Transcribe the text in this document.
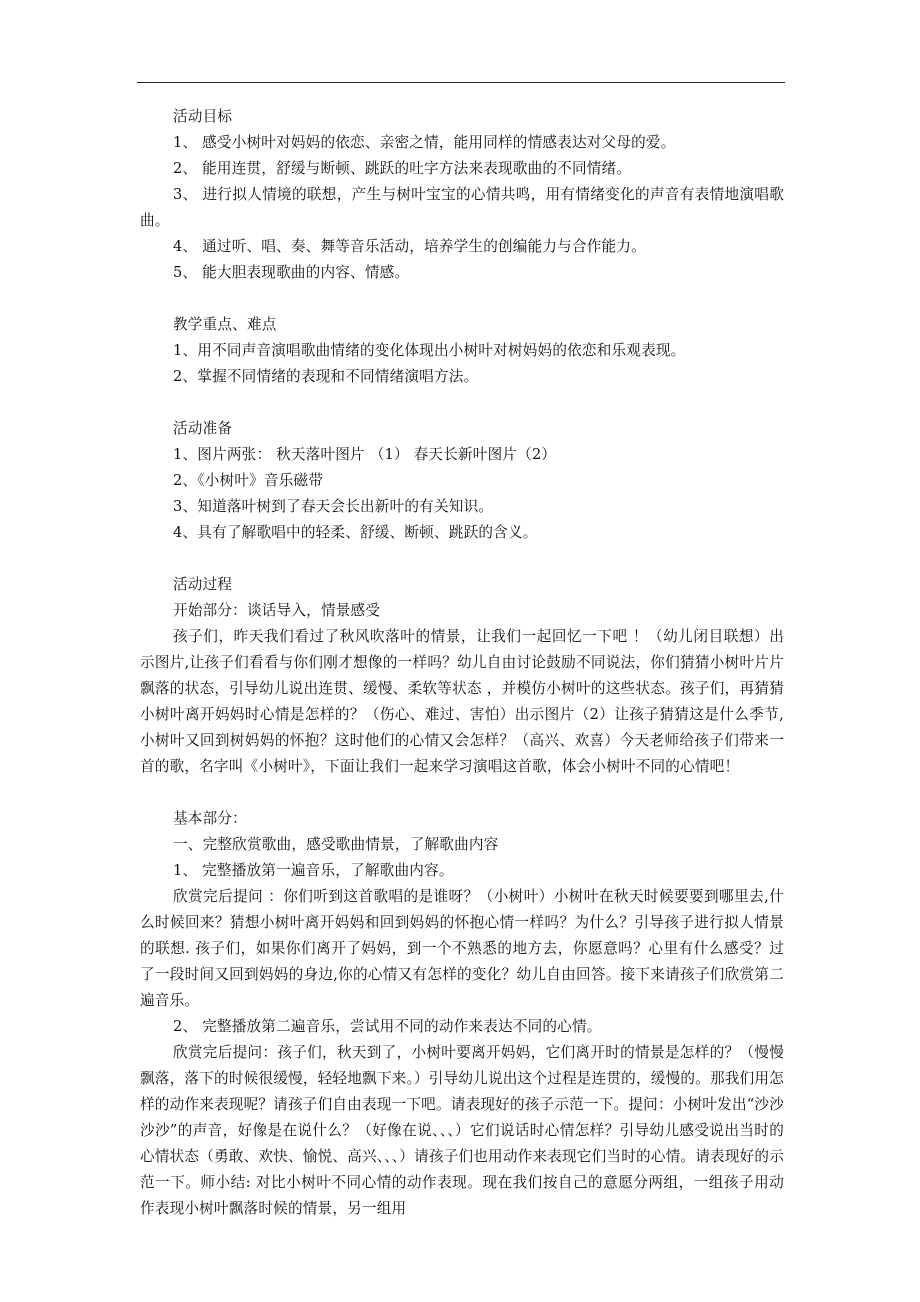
活动目标

1、 感受小树叶对妈妈的依恋、亲密之情，能用同样的情感表达对父母的爱。

2、 能用连贯，舒缓与断顿、跳跃的吐字方法来表现歌曲的不同情绪。

3、 进行拟人情境的联想，产生与树叶宝宝的心情共鸣，用有情绪变化的声音有表情地演唱歌曲。

4、 通过听、唱、奏、舞等音乐活动，培养学生的创编能力与合作能力。

5、 能大胆表现歌曲的内容、情感。

教学重点、难点

1、用不同声音演唱歌曲情绪的变化体现出小树叶对树妈妈的依恋和乐观表现。

2、掌握不同情绪的表现和不同情绪演唱方法。

活动准备

1、图片两张： 秋天落叶图片 （1） 春天长新叶图片（2）

2、《小树叶》音乐磁带

3、知道落叶树到了春天会长出新叶的有关知识。

4、具有了解歌唱中的轻柔、舒缓、断顿、跳跃的含义。

活动过程

开始部分：谈话导入，情景感受

孩子们，昨天我们看过了秋风吹落叶的情景，让我们一起回忆一下吧 ！（幼儿闭目联想）出示图片,让孩子们看看与你们刚才想像的一样吗？幼儿自由讨论鼓励不同说法，你们猜猜小树叶片片飘落的状态，引导幼儿说出连贯、缓慢、柔软等状态 ，并模仿小树叶的这些状态。孩子们，再猜猜小树叶离开妈妈时心情是怎样的？（伤心、难过、害怕）出示图片（2）让孩子猜猜这是什么季节,小树叶又回到树妈妈的怀抱？这时他们的心情又会怎样？（高兴、欢喜）今天老师给孩子们带来一首的歌，名字叫《小树叶》，下面让我们一起来学习演唱这首歌，体会小树叶不同的心情吧！

基本部分：

一、完整欣赏歌曲，感受歌曲情景，了解歌曲内容

1、 完整播放第一遍音乐，了解歌曲内容。

欣赏完后提问 ：你们听到这首歌唱的是谁呀？（小树叶）小树叶在秋天时候要要到哪里去,什么时候回来？猜想小树叶离开妈妈和回到妈妈的怀抱心情一样吗？为什么？引导孩子进行拟人情景的联想. 孩子们，如果你们离开了妈妈，到一个不熟悉的地方去，你愿意吗？心里有什么感受？过了一段时间又回到妈妈的身边,你的心情又有怎样的变化？幼儿自由回答。接下来请孩子们欣赏第二遍音乐。

2、 完整播放第二遍音乐，尝试用不同的动作来表达不同的心情。

欣赏完后提问：孩子们，秋天到了，小树叶要离开妈妈，它们离开时的情景是怎样的？（慢慢飘落，落下的时候很缓慢，轻轻地飘下来。）引导幼儿说出这个过程是连贯的，缓慢的。那我们用怎样的动作来表现呢？请孩子们自由表现一下吧。请表现好的孩子示范一下。提问：小树叶发出“沙沙沙沙”的声音，好像是在说什么？（好像在说、、、）它们说话时心情怎样？引导幼儿感受说出当时的心情状态（勇敢、欢快、愉悦、高兴、、、）请孩子们也用动作来表现它们当时的心情。请表现好的示范一下。师小结: 对比小树叶不同心情的动作表现。现在我们按自己的意愿分两组，一组孩子用动作表现小树叶飘落时候的情景，另一组用
